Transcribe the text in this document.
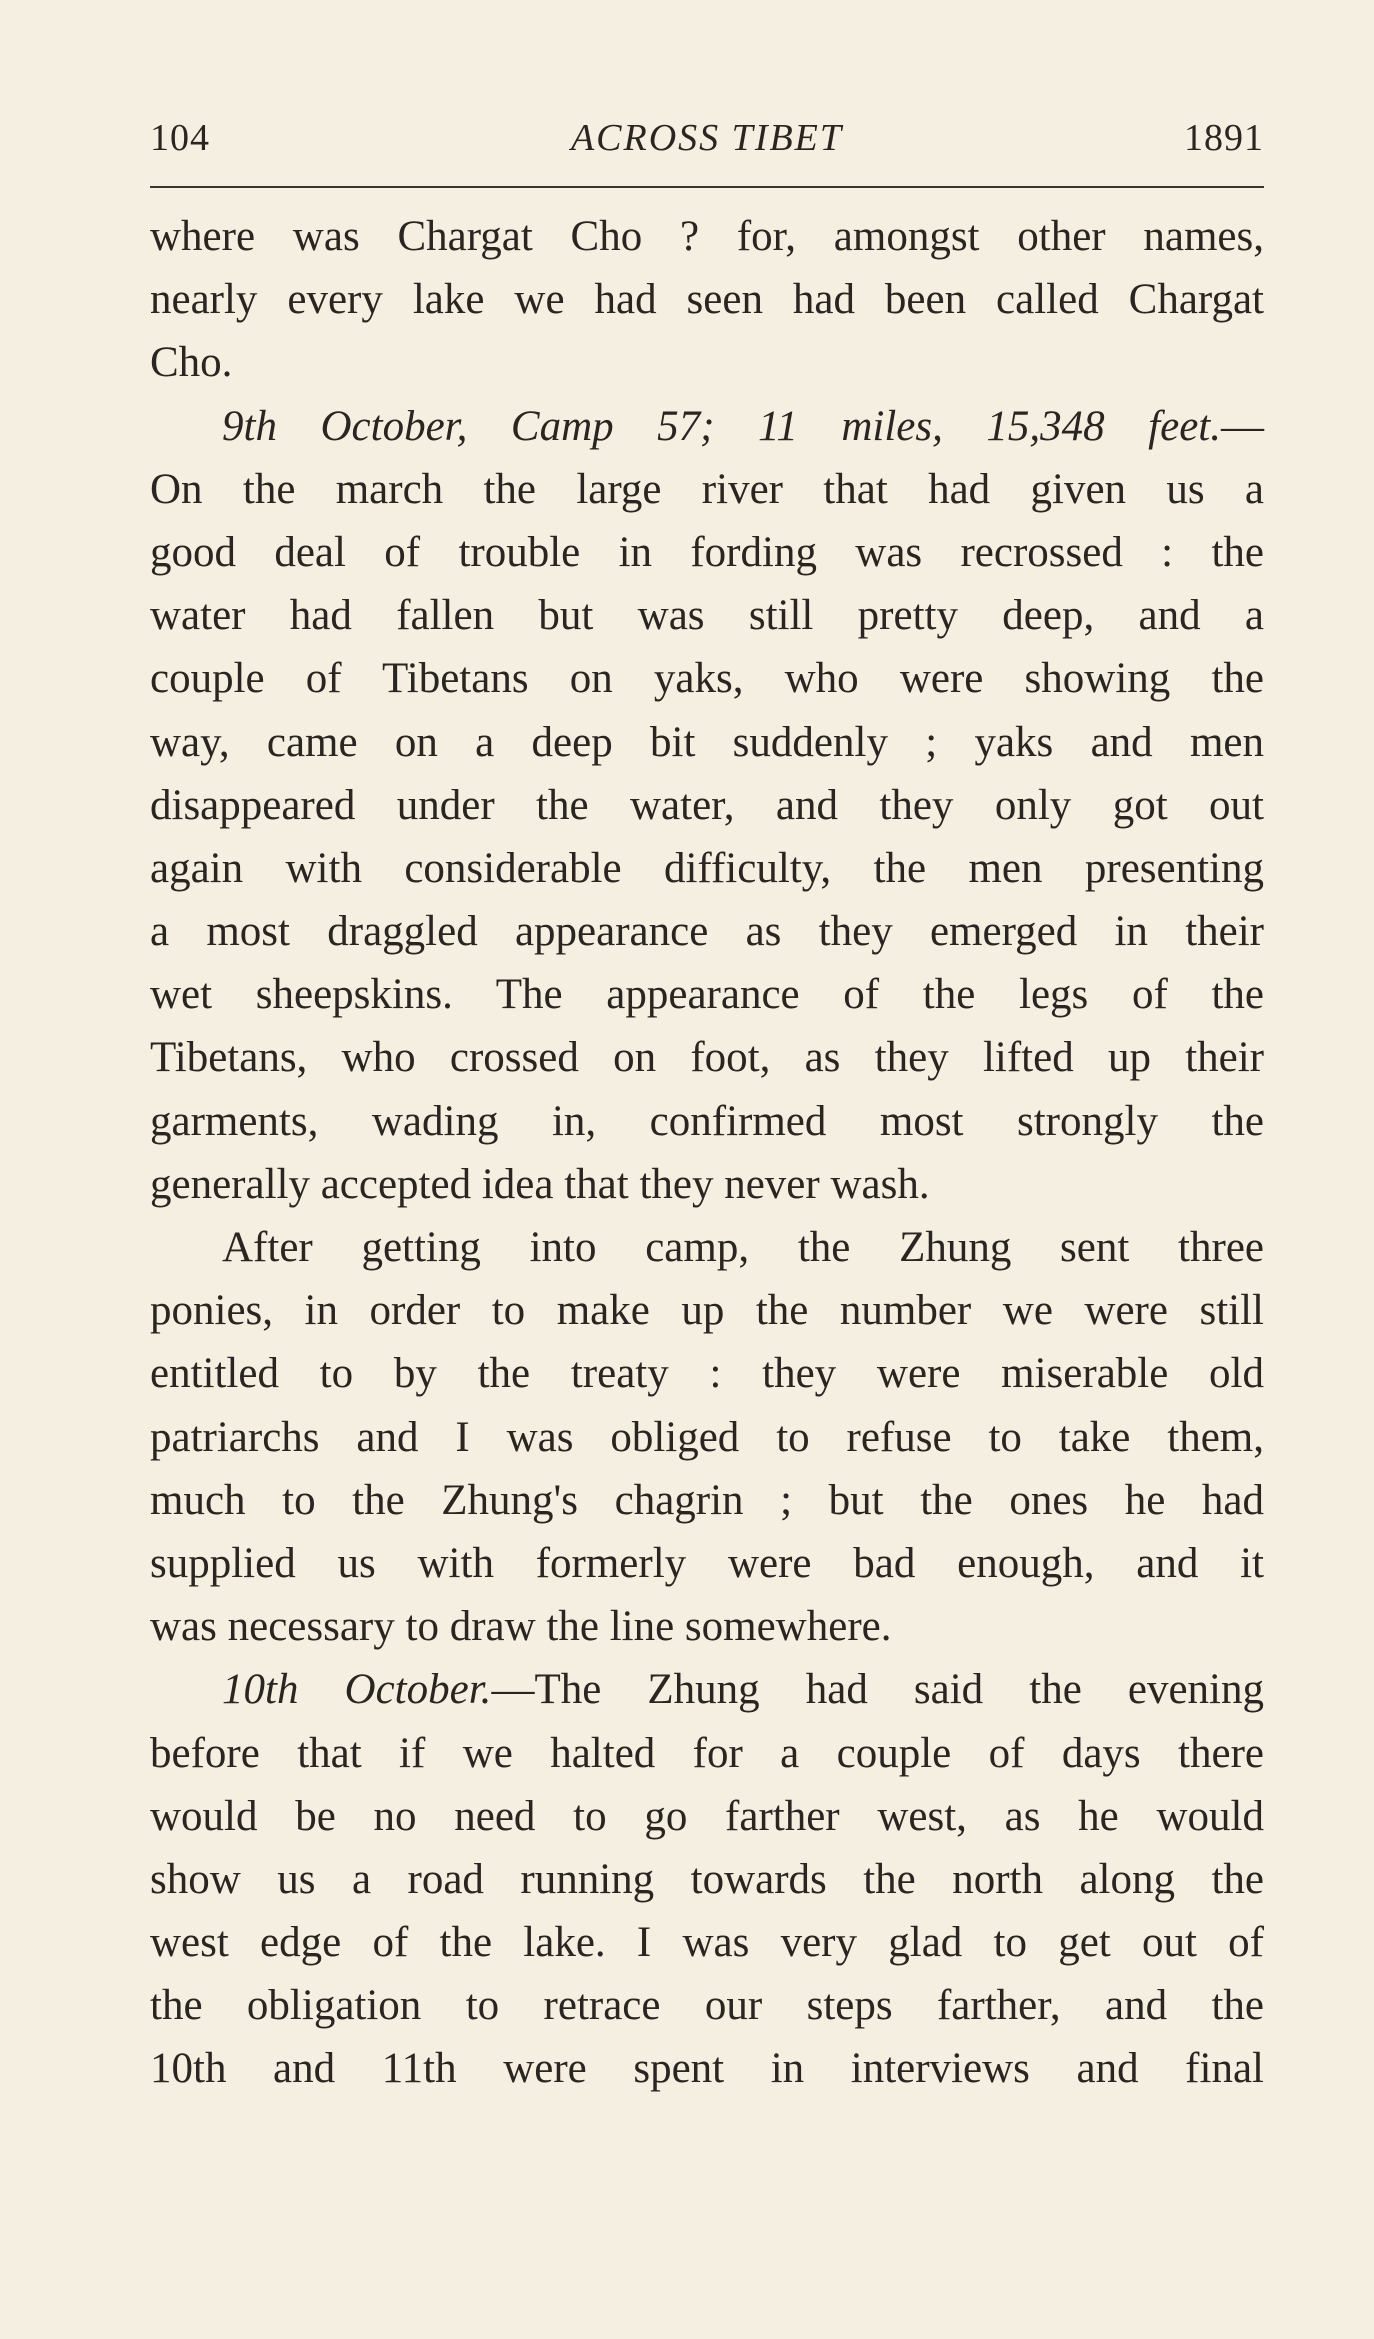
104	ACROSS TIBET	1891
where was Chargat Cho ? for, amongst other names,
nearly every lake we had seen had been called Chargat
Cho.
9th October, Camp 57; 11 miles, 15,348 feet.—
On the march the large river that had given us a
good deal of trouble in fording was recrossed : the
water had fallen but was still pretty deep, and a
couple of Tibetans on yaks, who were showing the
way, came on a deep bit suddenly ; yaks and men
disappeared under the water, and they only got out
again with considerable difficulty, the men presenting
a most draggled appearance as they emerged in their
wet sheepskins. The appearance of the legs of the
Tibetans, who crossed on foot, as they lifted up their
garments, wading in, confirmed most strongly the
generally accepted idea that they never wash.
After getting into camp, the Zhung sent three
ponies, in order to make up the number we were still
entitled to by the treaty : they were miserable old
patriarchs and I was obliged to refuse to take them,
much to the Zhung's chagrin ; but the ones he had
supplied us with formerly were bad enough, and it
was necessary to draw the line somewhere.
10th October.—The Zhung had said the evening
before that if we halted for a couple of days there
would be no need to go farther west, as he would
show us a road running towards the north along the
west edge of the lake. I was very glad to get out of
the obligation to retrace our steps farther, and the
10th and 11th were spent in interviews and final
